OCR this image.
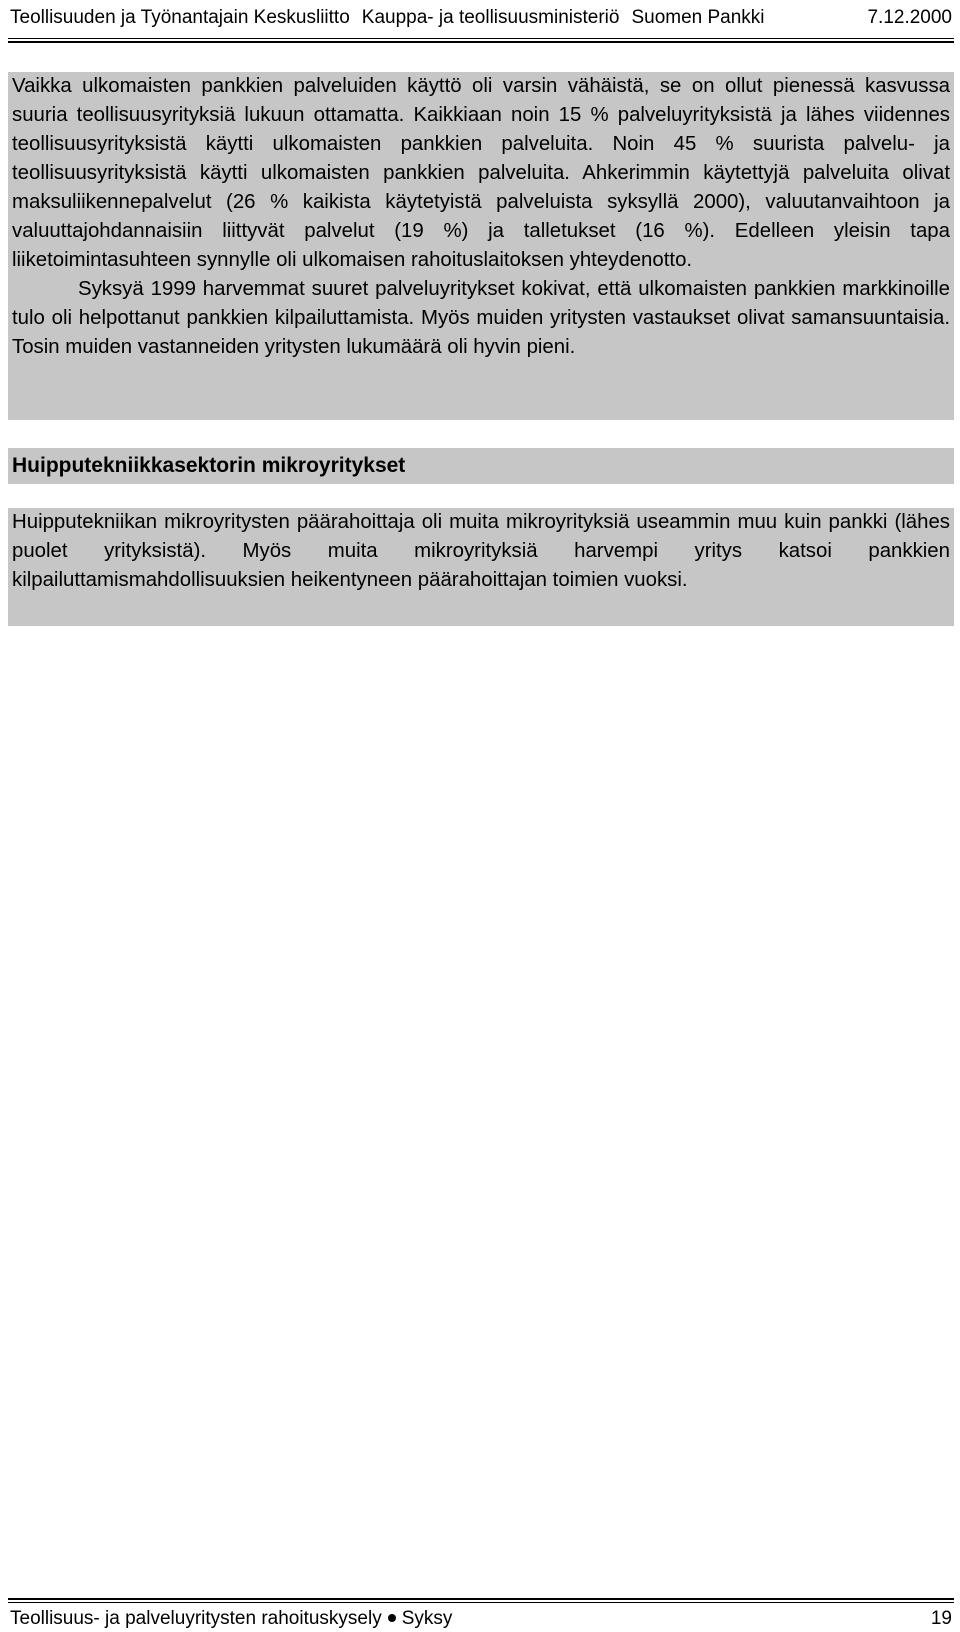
Teollisuuden ja Työnantajain Keskusliitto Kauppa- ja teollisuusministeriö Suomen Pankki	7.12.2000

Vaikka ulkomaisten pankkien palveluiden käyttö oli varsin vähäistä, se on ollut pienessä kasvussa suuria teollisuusyrityksiä lukuun ottamatta. Kaikkiaan noin 15 % palveluyrityksistä ja lähes viidennes teollisuusyrityksistä käytti ulkomaisten pankkien palveluita. Noin 45 % suurista palvelu- ja teollisuusyrityksistä käytti ulkomaisten pankkien palveluita. Ahkerimmin käytettyjä palveluita olivat maksuliikennepalvelut (26 % kaikista käytetyistä palveluista syksyllä 2000), valuutanvaihtoon ja valuuttajohdannaisiin liittyvät palvelut (19 %) ja talletukset (16 %). Edelleen yleisin tapa liiketoimintasuhteen synnylle oli ulkomaisen rahoituslaitoksen yhteydenotto.

Syksyä 1999 harvemmat suuret palveluyritykset kokivat, että ulkomaisten pankkien markkinoille tulo oli helpottanut pankkien kilpailuttamista. Myös muiden yritysten vastaukset olivat samansuuntaisia. Tosin muiden vastanneiden yritysten lukumäärä oli hyvin pieni.

Huipputekniikkasektorin mikroyritykset

Huipputekniikan mikroyritysten päärahoittaja oli muita mikroyrityksiä useammin muu kuin pankki (lähes puolet yrityksistä). Myös muita mikroyrityksiä harvempi yritys katsoi pankkien kilpailuttamismahdollisuuksien heikentyneen päärahoittajan toimien vuoksi.

Teollisuus- ja palveluyritysten rahoituskysely Syksy	19
